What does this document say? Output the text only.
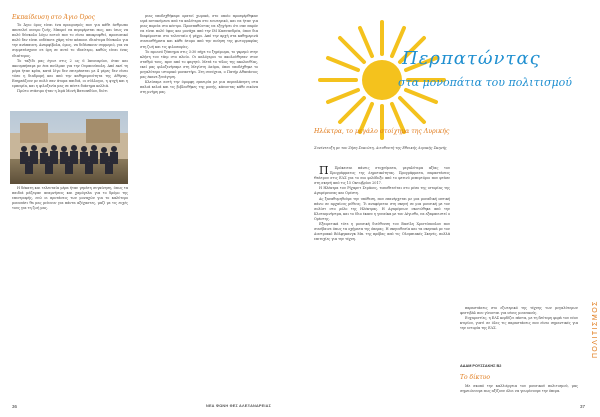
Εκπαίδευση στο Άγιο Όρος

Το Άγιο όρος είναι ένα προορισμός που για κάθε άνθρωπο αποτελεί ονειρο ζωής. Μπορεί να περιφέρεται πως, και ίσως να πολύ δύσκολο λόγω αυτού που το είναι αποκρυφθεί, προσωπικό πολύ δεν είναι ουδέποτε χάρη τότε κάποιοι ιδιαίτερα δύσκολο για την ανάπαυση. Αναμφίβολα, όμως, να διδάσκουν συμμεριό, για να συμμετάσχουν σε όρη σε αυτό το ιδιαίτερο, καθώς είναι ένας ιδιαίτερος.

Το ταξίδι μας έγινε στις 2 ως 6 Ιανουαρίου, όταν και ακουμπήσαμε με ένα πούλμαν για την Ουρανούπολη. Από εκεί τη μέρα ήταν κρύα, κατά λίγο δεν επιτρέπεται με 4 μέρες δεν είναι τόσο η διαδρομή και από την καθημερινότητα της Αθήνας. Επηρεάζουν με πολύ σαν άτομα παιδιά, οι σύλλογοι, η ψυχή και η εμπειρία, και η φιλοξενία μας σε πέντε διάσημα κελλιά.

Πρώτο στάσιμο ήταν η Ιερά Μονή Βατοπεδίου, διότι

Η δέκατη και τελευταία μέρα ήταν γεμάτη συγκίνηση, όπως τα παιδιά μάζεψαν αναμνήσεις και χαμόγελα για το δρόμο της επιστροφής, ενώ οι προτάσεις των μοναχών για το καλύτερο μονοπάτι θα μας μείνουν για πάντα αξέχαστες, μαζί με τις ευχές τους για τη ζωή μας.

μιας υποδεχθήκαμε ορατοί χωρικά, στο οποίο προσφέρθηκαν ιερά αντικείμενα από τα καλύτερα στο εσωτερικό, και να ήταν για μιας πορεία στο κέντρο. Προσπαθώντας να εξηγήσει ότι σαν παρόν να είναι πολύ ύφος και μονάχα από την ΙΜ Κασσανδρέα, όπου δια διαφέρονται στο τελευταίο ή μέχρι. Από την αρχή στα καθημερινά συναισθήματα και κάθε άτομο από την ποίηση της φωτογραφίας στη ζωή και τις φιλοσοφίες.

Το πρωινό ξύπνημα στις 3:30 πήγε το ξημέρωμα, το γκρεμό στην κλήση του τάιμ στο πλοίο. Οι καλόγεροι το ακολούθησαν στον σταθμό τους, πριν από το φαγητό. Μετά το τέλος της ακολουθίας, εκεί μας φιλοξενήσαμε στη Μεγίστη Λαύρα, όπου υποδέχθηκε το μεγαλύτερο ιστορικό μοναστήρι. Στη συνέχεια, ο Πατήρ Αθανάσιος μας έκανε ξενάγηση.

Κλείσαμε αυτή την όμορφη εμπειρία με μια περιπλάνηση στα παλιά κελιά και τις βιβλιοθήκες της μονής, κάνοντας κάθε εικόνα στη μνήμη μας.

36	ΝΕΑ ΦΩΝΗ ΘΕΣ ΑΛΕΞΑΝΔΡΕΙΑΣ
Περπατώντας
στα μονοπάτια του πολιτισμού
Ηλέκτρα, το μεγάλο στοίχημα της Λυρικής
Συνέντευξη με τον Ζήση Συκιώτη, Διευθυντή της Εθνικής Λυρικής Σκηνής

Π Πρόκειται πάνεις στοχεύματα, μεγαλύτερα αξίας του Προγράμματος της Δημοτικότητας. Προγράμματα, παραστάσεις Θεάτρου στις ΕΛΣ για το πιο φιλόδοξο από το φετινό ρεπερτόριο που φτάσε στη σκηνή από τις 15 Οκτωβρίου 2017.

Η Ηλέκτρα του Ρίχαρντ Στράους, τοποθετείται στο μέσο της ιστορίας της Αγαμέμνονας και Ορέστη.

Ας ξαναθυμηθούμε την υπόθεση, που επανέρχεται με μια μοναδική οπτική πάνω σε αρχαίους μύθους. Τι αναφέρεται στη σκηνή σε μια μουσική με τον σολίστ στο ρόλο της Ηλέκτρας. Η Αγαμέμνων σκοτώθηκε από την Κλυταιμνήστρα, και το ίδιο έκανε η γυναίκα με τον Αίγισθο, να εξαφανιστεί ο Ορέστης.

Εξαιρετικά τότε η μουσική διεύθυνση του Βασίλη Χριστόπουλου που συνέβαινε όπως τα οχήματα της όπερας. Η σκηνοθεσία και τα σκηνικά με τον Αυστριακό Βόλφγκανγκ Μπ. της πρόβας από τις Ολυμπιακές Σκηνές, πολλά επιτυχίες για την τέχνη.

παραστάσεις στο εξωτερικό της τέχνης των μεγαλύτερων φεστιβάλ που γίνονται για νέους μουσικούς.

Ευχαριστίες, η ΕΛΣ κερδίζει πάντα, με τη δεύτερη φορά του νέου κτιρίου, γιατί σε όλες τις παραστάσεις που είναι σημαντικές για την ιστορία της ΕΛΣ.

ΑΔΑΜ ΡΟΥΣΣΑΚΗΣ Β2
Το δίκτυο

Με σκοπό την καλλιέργεια του μουσικού πολιτισμού, μας σημειώνουμε πως αξίζουν όλοι να γνωρίσουμε την όπερα.

ΠΟΛΙΤΙΣΜΟΣ
37
